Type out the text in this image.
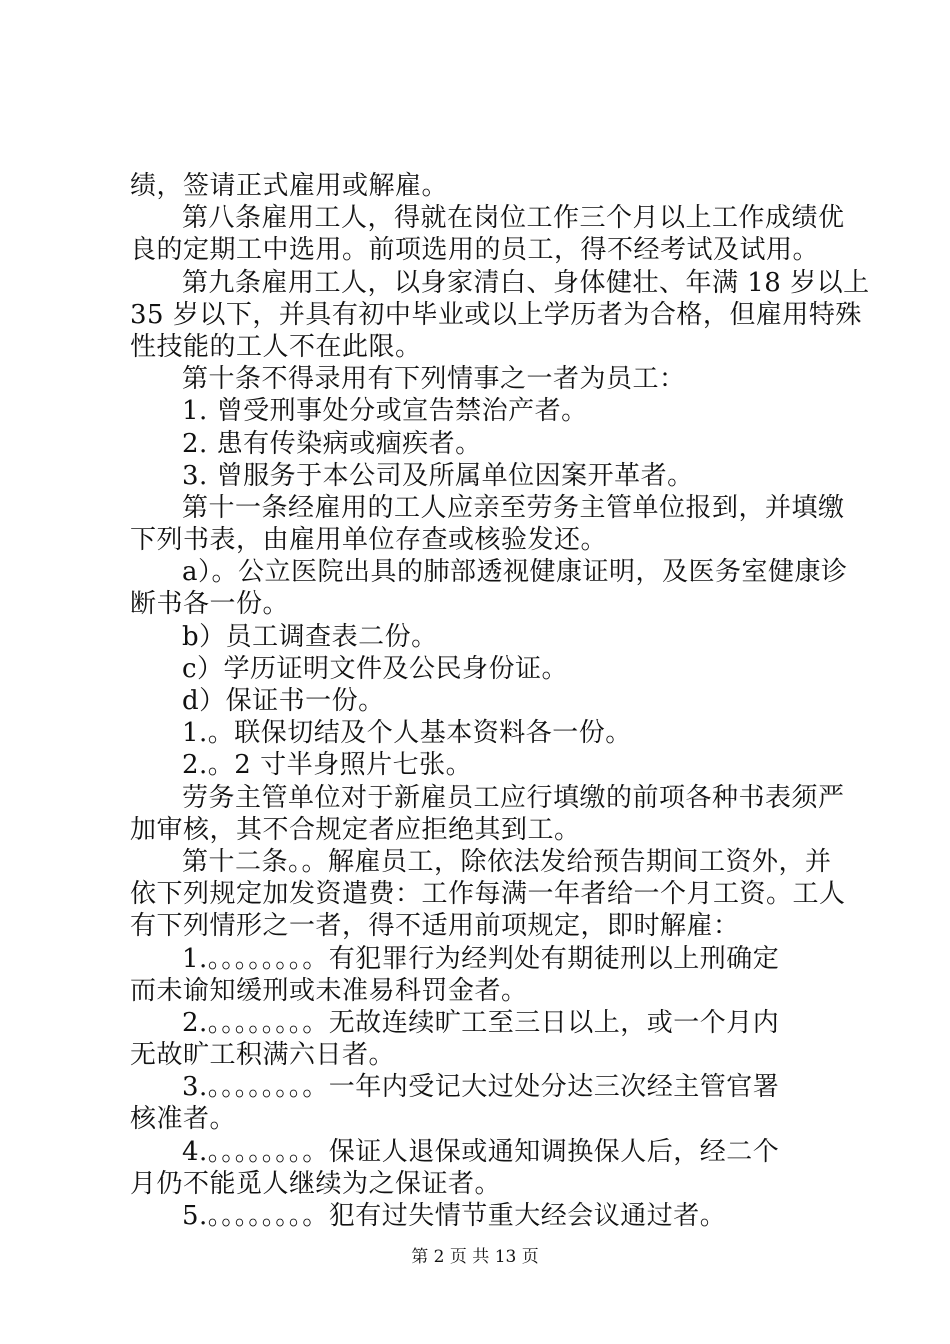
绩，签请正式雇用或解雇。
第八条雇用工人，得就在岗位工作三个月以上工作成绩优
良的定期工中选用。前项选用的员工，得不经考试及试用。
第九条雇用工人，以身家清白、身体健壮、年满 18 岁以上
35 岁以下，并具有初中毕业或以上学历者为合格，但雇用特殊
性技能的工人不在此限。
第十条不得录用有下列情事之一者为员工：
1. 曾受刑事处分或宣告禁治产者。
2. 患有传染病或痼疾者。
3. 曾服务于本公司及所属单位因案开革者。
第十一条经雇用的工人应亲至劳务主管单位报到，并填缴
下列书表，由雇用单位存查或核验发还。
a）。公立医院出具的肺部透视健康证明，及医务室健康诊
断书各一份。
b）员工调查表二份。
c）学历证明文件及公民身份证。
d）保证书一份。
1.。联保切结及个人基本资料各一份。
2.。2 寸半身照片七张。
劳务主管单位对于新雇员工应行填缴的前项各种书表须严
加审核，其不合规定者应拒绝其到工。
第十二条。。解雇员工，除依法发给预告期间工资外，并
依下列规定加发资遣费：工作每满一年者给一个月工资。工人
有下列情形之一者，得不适用前项规定，即时解雇：
1.。。。。。。。。有犯罪行为经判处有期徒刑以上刑确定
而未谕知缓刑或未准易科罚金者。
2.。。。。。。。。无故连续旷工至三日以上，或一个月内
无故旷工积满六日者。
3.。。。。。。。。一年内受记大过处分达三次经主管官署
核准者。
4.。。。。。。。。保证人退保或通知调换保人后，经二个
月仍不能觅人继续为之保证者。
5.。。。。。。。。犯有过失情节重大经会议通过者。
第 2 页 共 13 页
